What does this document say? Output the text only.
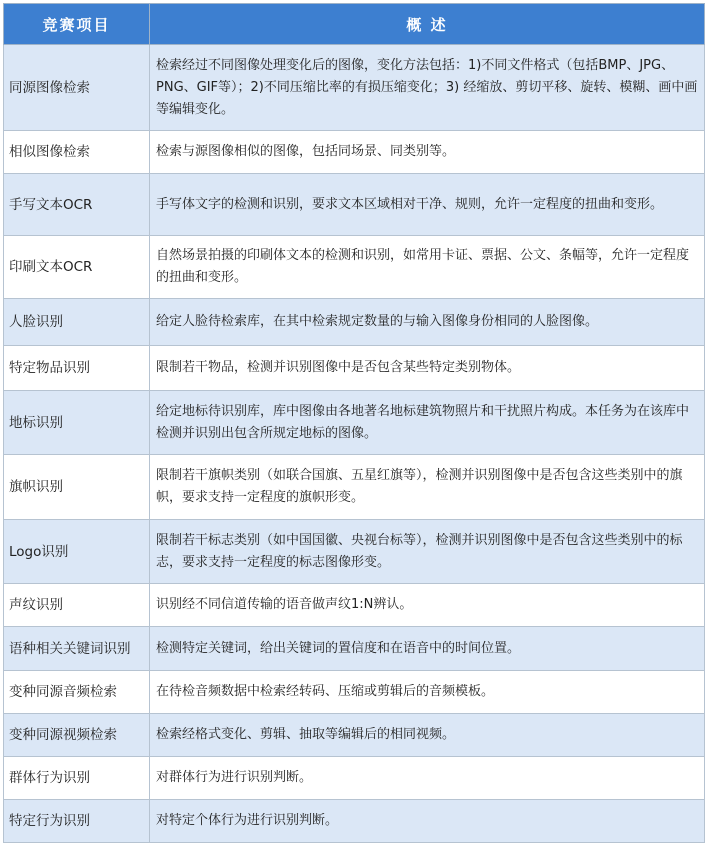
竞赛项目	概 述
同源图像检索	检索经过不同图像处理变化后的图像，变化方法包括：1)不同文件格式（包括BMP、JPG、PNG、GIF等）；2)不同压缩比率的有损压缩变化；3) 经缩放、剪切平移、旋转、模糊、画中画等编辑变化。
相似图像检索	检索与源图像相似的图像，包括同场景、同类别等。
手写文本OCR	手写体文字的检测和识别，要求文本区域相对干净、规则，允许一定程度的扭曲和变形。
印刷文本OCR	自然场景拍摄的印刷体文本的检测和识别，如常用卡证、票据、公文、条幅等，允许一定程度的扭曲和变形。
人脸识别	给定人脸待检索库，在其中检索规定数量的与输入图像身份相同的人脸图像。
特定物品识别	限制若干物品，检测并识别图像中是否包含某些特定类别物体。
地标识别	给定地标待识别库，库中图像由各地著名地标建筑物照片和干扰照片构成。本任务为在该库中检测并识别出包含所规定地标的图像。
旗帜识别	限制若干旗帜类别（如联合国旗、五星红旗等），检测并识别图像中是否包含这些类别中的旗帜，要求支持一定程度的旗帜形变。
Logo识别	限制若干标志类别（如中国国徽、央视台标等），检测并识别图像中是否包含这些类别中的标志，要求支持一定程度的标志图像形变。
声纹识别	识别经不同信道传输的语音做声纹1:N辨认。
语种相关关键词识别	检测特定关键词，给出关键词的置信度和在语音中的时间位置。
变种同源音频检索	在待检音频数据中检索经转码、压缩或剪辑后的音频模板。
变种同源视频检索	检索经格式变化、剪辑、抽取等编辑后的相同视频。
群体行为识别	对群体行为进行识别判断。
特定行为识别	对特定个体行为进行识别判断。
